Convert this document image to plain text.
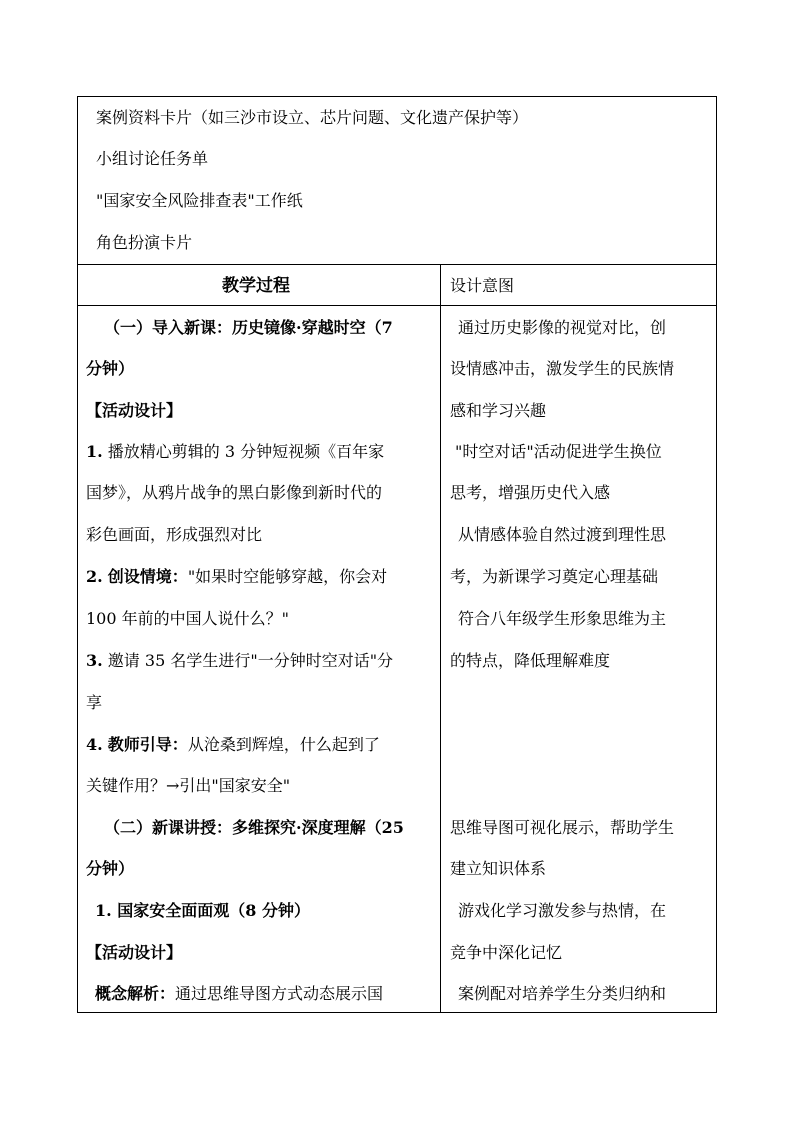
案例资料卡片（如三沙市设立、芯片问题、文化遗产保护等）
小组讨论任务单
"国家安全风险排查表"工作纸
角色扮演卡片
教学过程	设计意图
（一）导入新课：历史镜像·穿越时空（7
分钟）
【活动设计】
1. 播放精心剪辑的 3 分钟短视频《百年家
国梦》，从鸦片战争的黑白影像到新时代的
彩色画面，形成强烈对比
2. 创设情境："如果时空能够穿越，你会对
100 年前的中国人说什么？"
3. 邀请 35 名学生进行"一分钟时空对话"分
享
4. 教师引导：从沧桑到辉煌，什么起到了
关键作用？→引出"国家安全"
（二）新课讲授：多维探究·深度理解（25
分钟）
1. 国家安全面面观（8 分钟）
【活动设计】
概念解析：通过思维导图方式动态展示国
通过历史影像的视觉对比，创
设情感冲击，激发学生的民族情
感和学习兴趣
"时空对话"活动促进学生换位
思考，增强历史代入感
从情感体验自然过渡到理性思
考，为新课学习奠定心理基础
符合八年级学生形象思维为主
的特点，降低理解难度
思维导图可视化展示，帮助学生
建立知识体系
游戏化学习激发参与热情，在
竞争中深化记忆
案例配对培养学生分类归纳和
